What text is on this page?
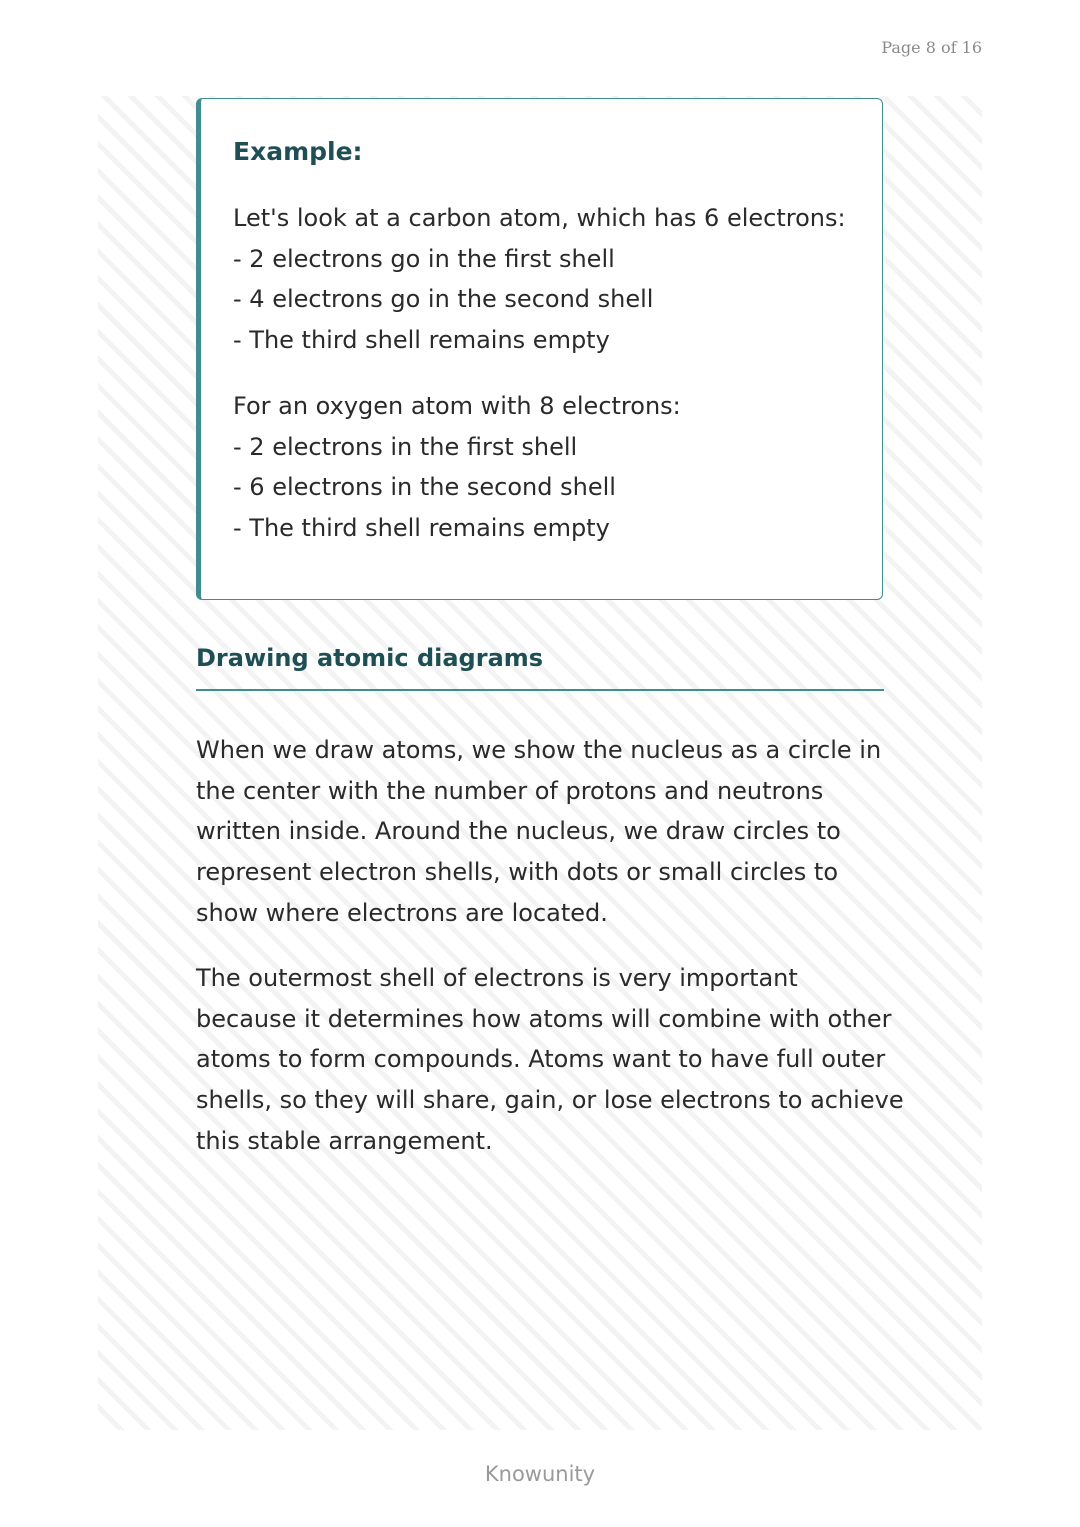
Page 8 of 16
Example:
Let's look at a carbon atom, which has 6 electrons:
- 2 electrons go in the first shell
- 4 electrons go in the second shell
- The third shell remains empty
For an oxygen atom with 8 electrons:
- 2 electrons in the first shell
- 6 electrons in the second shell
- The third shell remains empty
Drawing atomic diagrams
When we draw atoms, we show the nucleus as a circle in
the center with the number of protons and neutrons
written inside. Around the nucleus, we draw circles to
represent electron shells, with dots or small circles to
show where electrons are located.
The outermost shell of electrons is very important
because it determines how atoms will combine with other
atoms to form compounds. Atoms want to have full outer
shells, so they will share, gain, or lose electrons to achieve
this stable arrangement.
Knowunity
